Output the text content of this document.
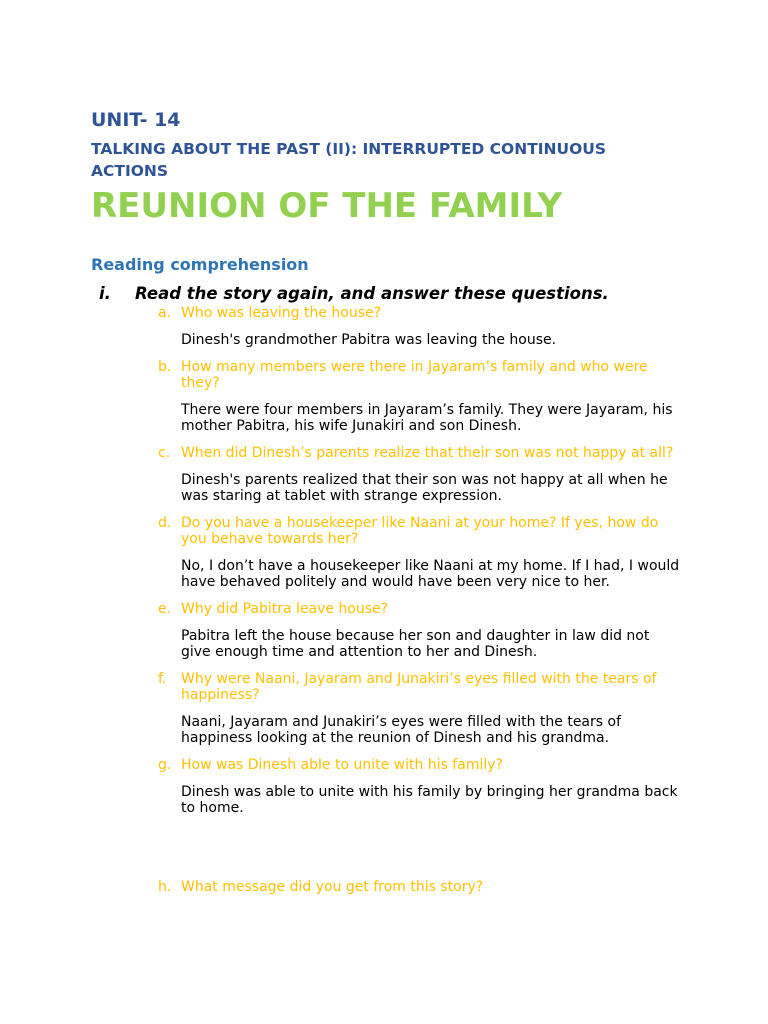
UNIT- 14
TALKING ABOUT THE PAST (II): INTERRUPTED CONTINUOUS ACTIONS
REUNION OF THE FAMILY
Reading comprehension
i.	Read the story again, and answer these questions.
a. Who was leaving the house?

Dinesh's grandmother Pabitra was leaving the house.

b. How many members were there in Jayaram’s family and who were they?

There were four members in Jayaram’s family. They were Jayaram, his mother Pabitra, his wife Junakiri and son Dinesh.

c. When did Dinesh’s parents realize that their son was not happy at all?

Dinesh's parents realized that their son was not happy at all when he was staring at tablet with strange expression.

d. Do you have a housekeeper like Naani at your home? If yes, how do you behave towards her?

No, I don’t have a housekeeper like Naani at my home. If I had, I would have behaved politely and would have been very nice to her.

e. Why did Pabitra leave house?

Pabitra left the house because her son and daughter in law did not give enough time and attention to her and Dinesh.

f. Why were Naani, Jayaram and Junakiri’s eyes filled with the tears of happiness?

Naani, Jayaram and Junakiri’s eyes were filled with the tears of happiness looking at the reunion of Dinesh and his grandma.

g. How was Dinesh able to unite with his family?

Dinesh was able to unite with his family by bringing her grandma back to home.

h. What message did you get from this story?
